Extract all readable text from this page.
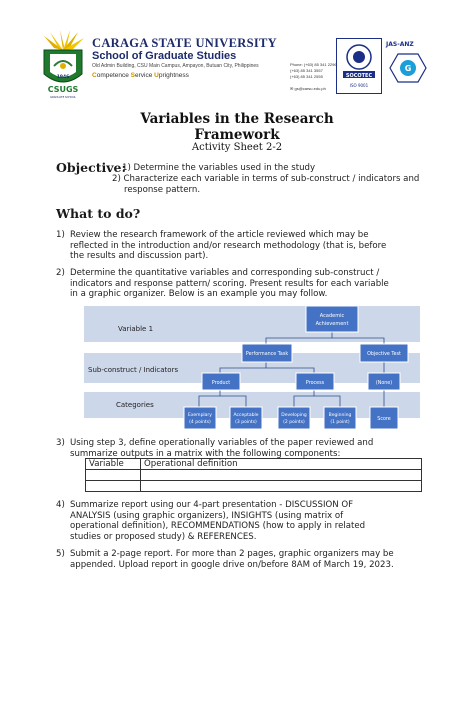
1946
CSUGS
GRADUATE SCHOOL
CARAGA STATE UNIVERSITY
School of Graduate Studies
Old Admin Building, CSU Main Campus, Ampayon, Butuan City, Philippines
Competence Service Uprightness
Phone: (+63) 85 341 2296
(+63) 85 341 3557
(+63) 85 341 2555

✉ gs@carsu.edu.ph
SOCOTEC
ISO 9001
JAS-ANZ
G
Variables in the Research
Framework
Activity Sheet 2-2
Objective:
1) Determine the variables used in the study
2) Characterize each variable in terms of sub-construct / indicators and
response pattern.
What to do?
1) Review the research framework of the article reviewed which may be
reflected in the introduction and/or research methodology (that is, before
the results and discussion part).
2) Determine the quantitative variables and corresponding sub-construct /
indicators and response pattern/ scoring. Present results for each variable
in a graphic organizer. Below is an example you may follow.
Variable 1
Sub-construct / Indicators
Categories
Academic
Achievement
Performance Task	Objective Test
Product	Process	(None)
Exemplary
(4 points)
Acceptable
(3 points)
Developing
(2 points)
Beginning
(1 point)
Score
3) Using step 3, define operationally variables of the paper reviewed and
summarize outputs in a matrix with the following components:
Variable	Operational definition

4) Summarize report using our 4-part presentation - DISCUSSION OF
ANALYSIS (using graphic organizers), INSIGHTS (using matrix of
operational definition), RECOMMENDATIONS (how to apply in related
studies or proposed study) & REFERENCES.
5) Submit a 2-page report. For more than 2 pages, graphic organizers may be
appended. Upload report in google drive on/before 8AM of March 19, 2023.
